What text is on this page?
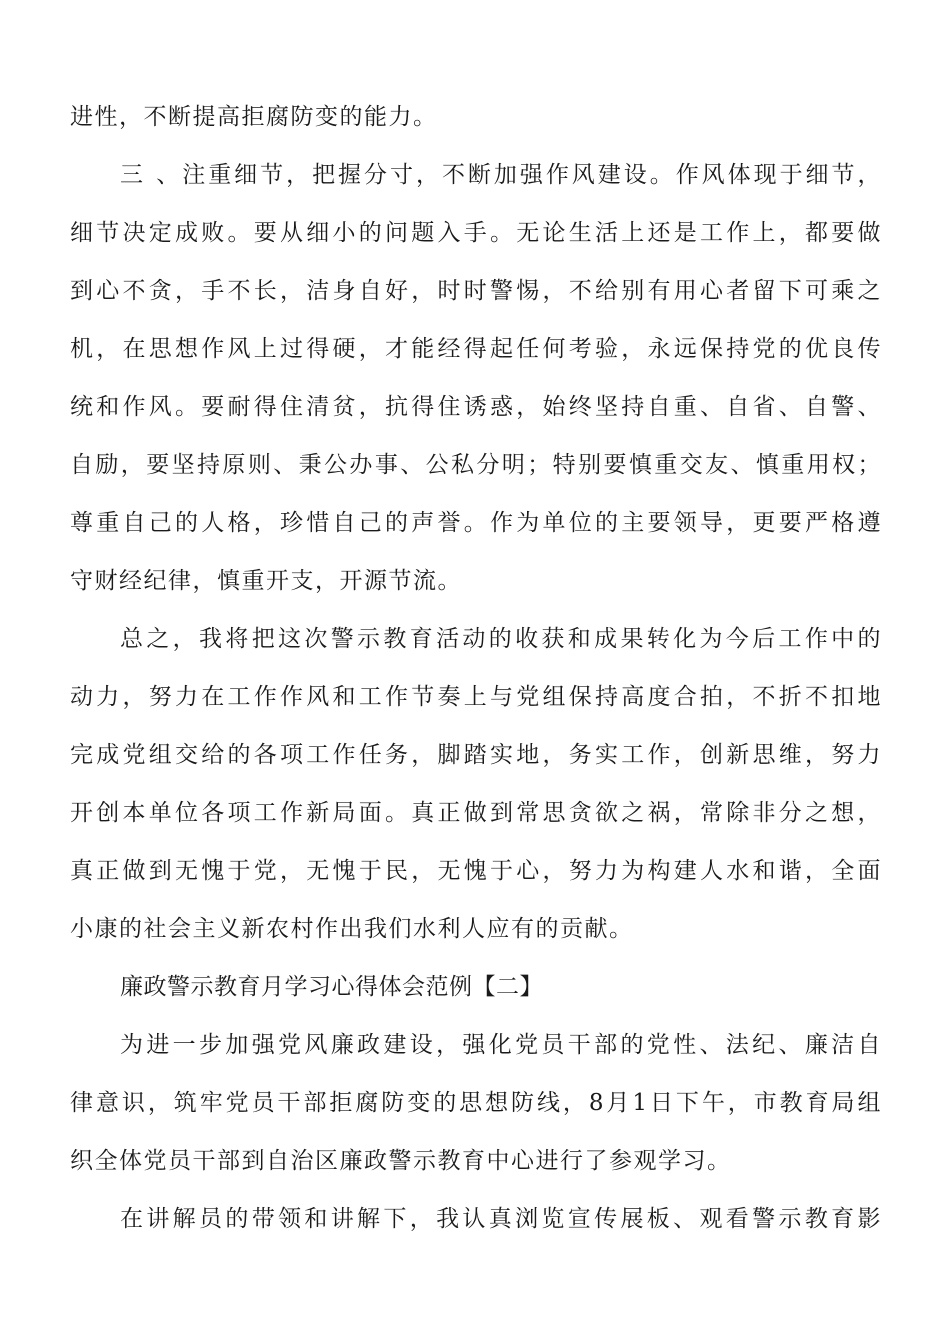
进性，不断提高拒腐防变的能力。
三 、注重细节，把握分寸，不断加强作风建设。作风体现于细节，
细节决定成败。要从细小的问题入手。无论生活上还是工作上，都要做
到心不贪，手不长，洁身自好，时时警惕，不给别有用心者留下可乘之
机，在思想作风上过得硬，才能经得起任何考验，永远保持党的优良传
统和作风。要耐得住清贫，抗得住诱惑，始终坚持自重、自省、自警、
自励，要坚持原则、秉公办事、公私分明；特别要慎重交友、慎重用权；
尊重自己的人格，珍惜自己的声誉。作为单位的主要领导，更要严格遵
守财经纪律，慎重开支，开源节流。
总之，我将把这次警示教育活动的收获和成果转化为今后工作中的
动力，努力在工作作风和工作节奏上与党组保持高度合拍，不折不扣地
完成党组交给的各项工作任务，脚踏实地，务实工作，创新思维，努力
开创本单位各项工作新局面。真正做到常思贪欲之祸，常除非分之想，
真正做到无愧于党，无愧于民，无愧于心，努力为构建人水和谐，全面
小康的社会主义新农村作出我们水利人应有的贡献。
廉政警示教育月学习心得体会范例【二】
为进一步加强党风廉政建设，强化党员干部的党性、法纪、廉洁自
律意识，筑牢党员干部拒腐防变的思想防线，8月1日下午，市教育局组
织全体党员干部到自治区廉政警示教育中心进行了参观学习。
在讲解员的带领和讲解下，我认真浏览宣传展板、观看警示教育影
